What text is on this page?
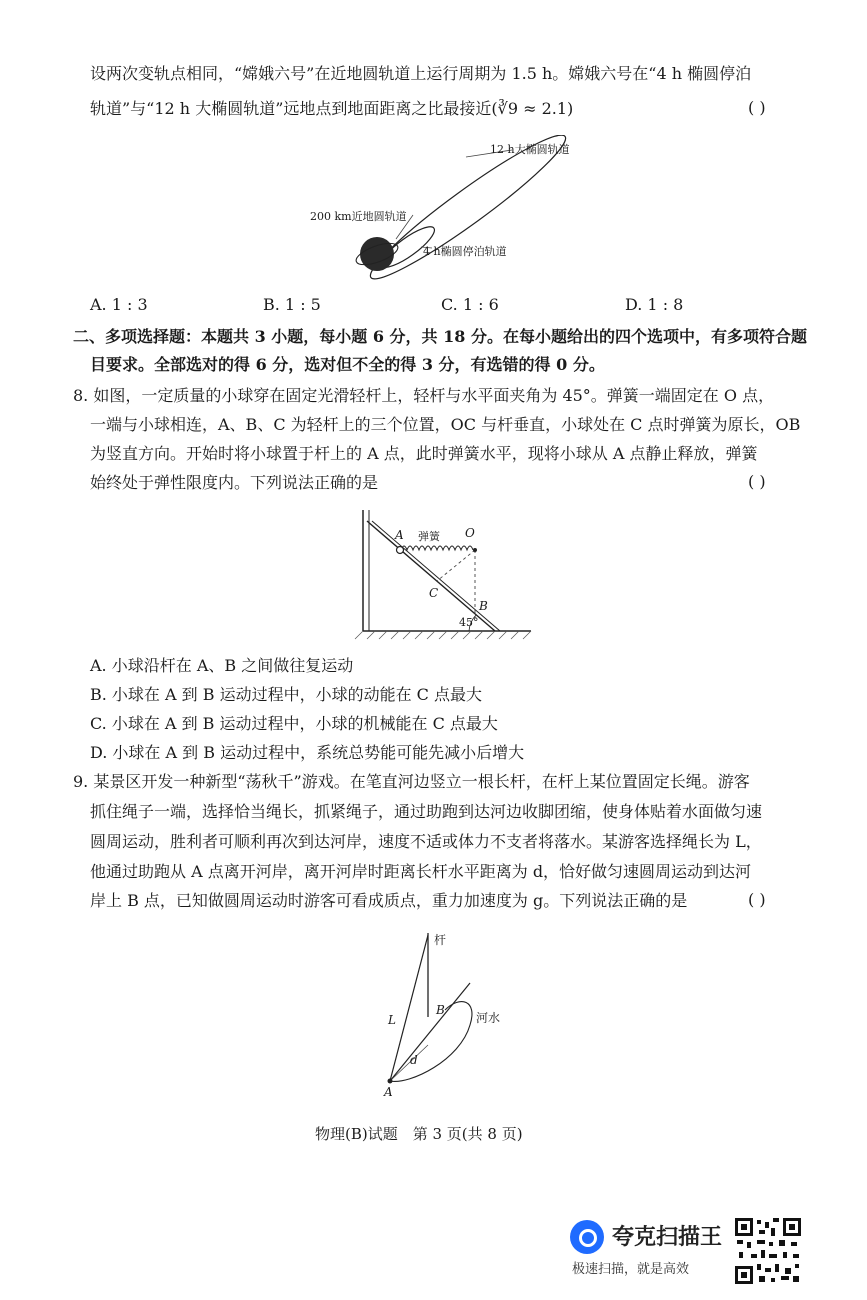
设两次变轨点相同，“嫦娥六号”在近地圆轨道上运行周期为 1.5 h。嫦娥六号在“4 h 椭圆停泊
轨道”与“12 h 大椭圆轨道”远地点到地面距离之比最接近(∛9 ≈ 2.1)	( )
12 h大椭圆轨道
200 km近地圆轨道
4 h椭圆停泊轨道
A. 1 : 3	B. 1 : 5	C. 1 : 6	D. 1 : 8
二、多项选择题：本题共 3 小题，每小题 6 分，共 18 分。在每小题给出的四个选项中，有多项符合题
目要求。全部选对的得 6 分，选对但不全的得 3 分，有选错的得 0 分。
8. 如图，一定质量的小球穿在固定光滑轻杆上，轻杆与水平面夹角为 45°。弹簧一端固定在 O 点，
一端与小球相连，A、B、C 为轻杆上的三个位置，OC 与杆垂直，小球处在 C 点时弹簧为原长，OB
为竖直方向。开始时将小球置于杆上的 A 点，此时弹簧水平，现将小球从 A 点静止释放，弹簧
始终处于弹性限度内。下列说法正确的是	( )
A 弹簧 O
C
B
45°
A. 小球沿杆在 A、B 之间做往复运动
B. 小球在 A 到 B 运动过程中，小球的动能在 C 点最大
C. 小球在 A 到 B 运动过程中，小球的机械能在 C 点最大
D. 小球在 A 到 B 运动过程中，系统总势能可能先减小后增大
9. 某景区开发一种新型“荡秋千”游戏。在笔直河边竖立一根长杆，在杆上某位置固定长绳。游客
抓住绳子一端，选择恰当绳长，抓紧绳子，通过助跑到达河边收脚团缩，使身体贴着水面做匀速
圆周运动，胜利者可顺利再次到达河岸，速度不适或体力不支者将落水。某游客选择绳长为 L，
他通过助跑从 A 点离开河岸，离开河岸时距离长杆水平距离为 d，恰好做匀速圆周运动到达河
岸上 B 点，已知做圆周运动时游客可看成质点，重力加速度为 g。下列说法正确的是	( )
杆
L
B
河水
d
A
物理(B)试题　第 3 页(共 8 页)
夸克扫描王
极速扫描，就是高效
